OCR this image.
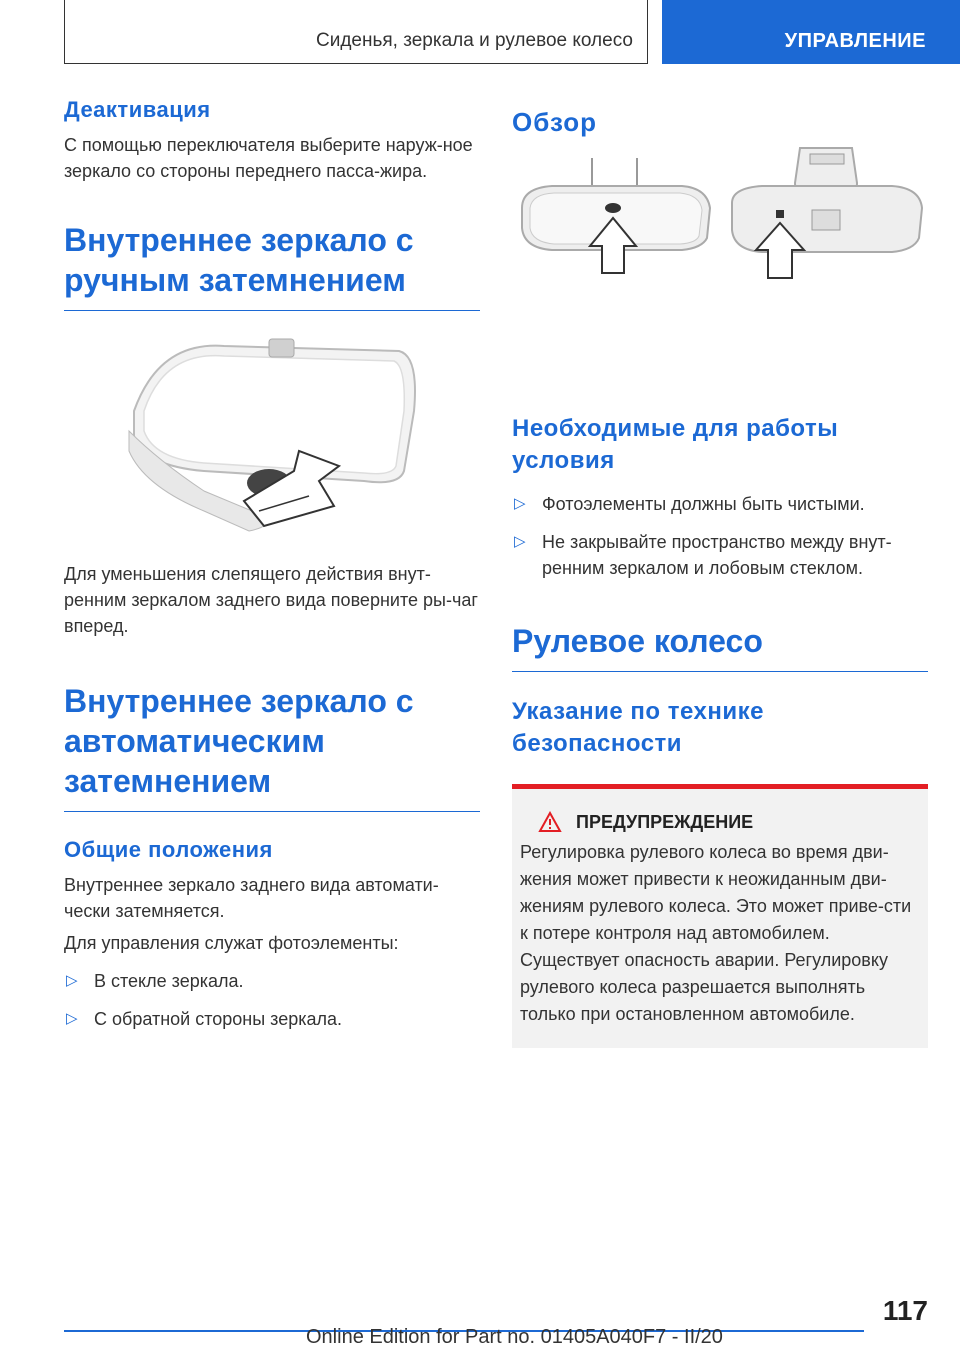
Сиденья, зеркала и рулевое колесо	УПРАВЛЕНИЕ
Деактивация

С помощью переключателя выберите наруж-ное зеркало со стороны переднего пасса-жира.

Внутреннее зеркало с ручным затемнением

Для уменьшения слепящего действия внут-ренним зеркалом заднего вида поверните ры-чаг вперед.

Внутреннее зеркало с автоматическим затемнением
Общие положения

Внутреннее зеркало заднего вида автомати-чески затемняется.

Для управления служат фотоэлементы:

▷ В стекле зеркала.
▷ С обратной стороны зеркала.
Обзор
Необходимые для работы условия
▷ Фотоэлементы должны быть чистыми.
▷ Не закрывайте пространство между внут-ренним зеркалом и лобовым стеклом.
Рулевое колесо
Указание по технике безопасности
ПРЕДУПРЕЖДЕНИЕ
Регулировка рулевого колеса во время дви-жения может привести к неожиданным дви-жениям рулевого колеса. Это может приве-сти к потере контроля над автомобилем. Существует опасность аварии. Регулировку рулевого колеса разрешается выполнять только при остановленном автомобиле.
117
Online Edition for Part no. 01405A040F7 - II/20
